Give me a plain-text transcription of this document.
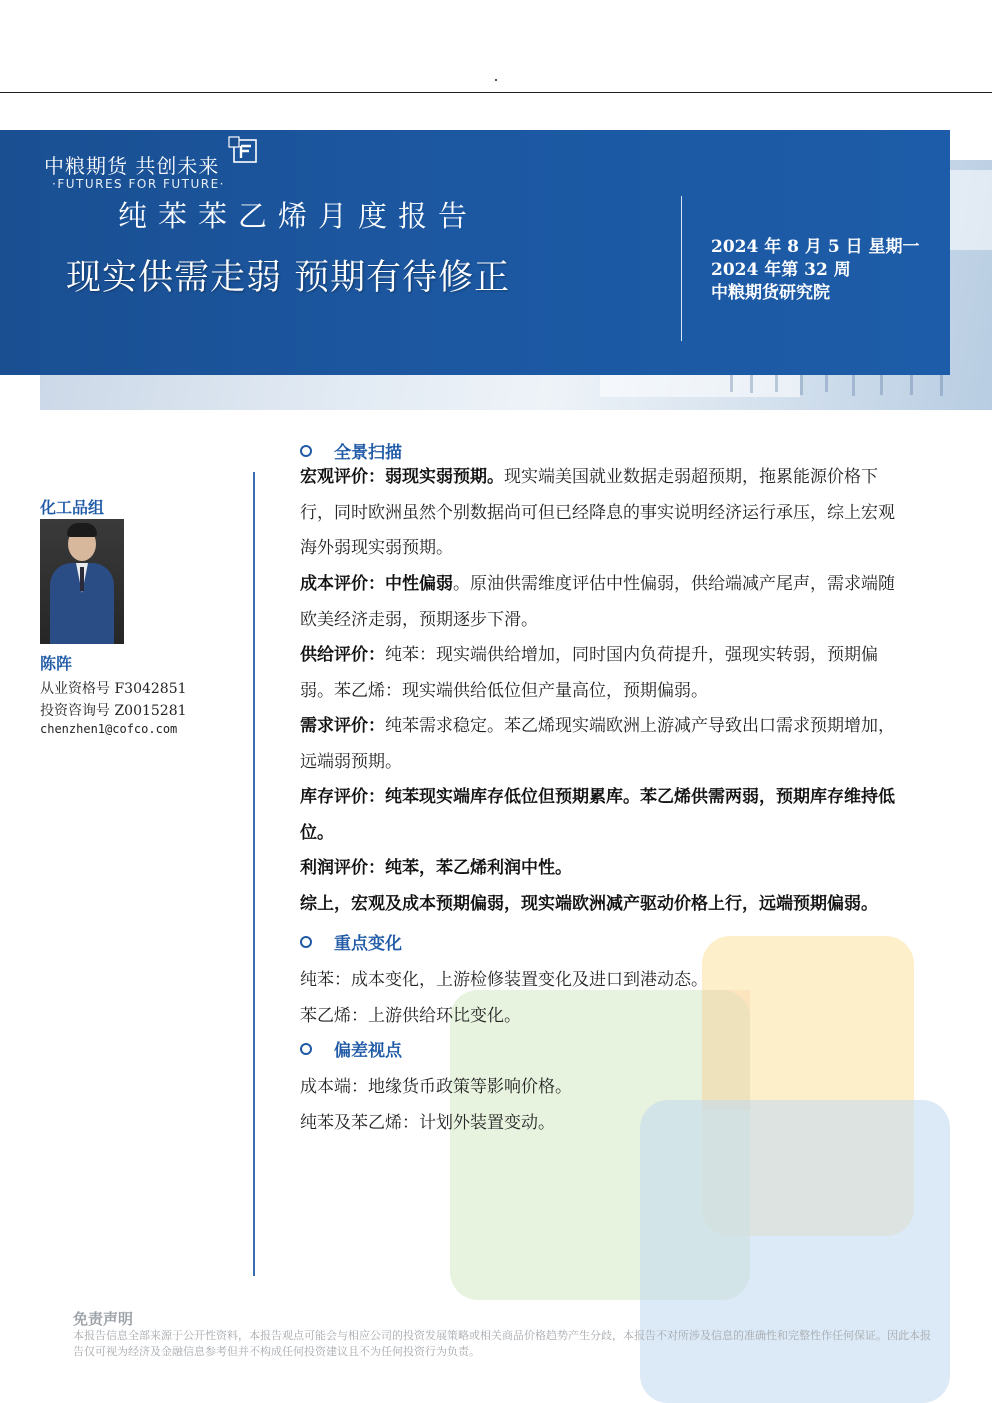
中粮期货 共创未来
·FUTURES FOR FUTURE·
纯苯苯乙烯月度报告
现实供需走弱 预期有待修正
2024 年 8 月 5 日 星期一
2024 年第 32 周
中粮期货研究院
化工品组
陈阵
从业资格号 F3042851
投资咨询号 Z0015281
chenzhen1@cofco.com
全景扫描
宏观评价：弱现实弱预期。现实端美国就业数据走弱超预期，拖累能源价格下行，同时欧洲虽然个别数据尚可但已经降息的事实说明经济运行承压，综上宏观海外弱现实弱预期。
成本评价：中性偏弱。原油供需维度评估中性偏弱，供给端减产尾声，需求端随欧美经济走弱，预期逐步下滑。
供给评价：纯苯：现实端供给增加，同时国内负荷提升，强现实转弱，预期偏弱。苯乙烯：现实端供给低位但产量高位，预期偏弱。
需求评价：纯苯需求稳定。苯乙烯现实端欧洲上游减产导致出口需求预期增加，远端弱预期。
库存评价：纯苯现实端库存低位但预期累库。苯乙烯供需两弱，预期库存维持低位。
利润评价：纯苯，苯乙烯利润中性。
综上，宏观及成本预期偏弱，现实端欧洲减产驱动价格上行，远端预期偏弱。
重点变化
纯苯：成本变化，上游检修装置变化及进口到港动态。
苯乙烯：上游供给环比变化。
偏差视点
成本端：地缘货币政策等影响价格。
纯苯及苯乙烯：计划外装置变动。
免责声明
本报告信息全部来源于公开性资料，本报告观点可能会与相应公司的投资发展策略或相关商品价格趋势产生分歧，本报告不对所涉及信息的准确性和完整性作任何保证。因此本报告仅可视为经济及金融信息参考但并不构成任何投资建议且不为任何投资行为负责。
